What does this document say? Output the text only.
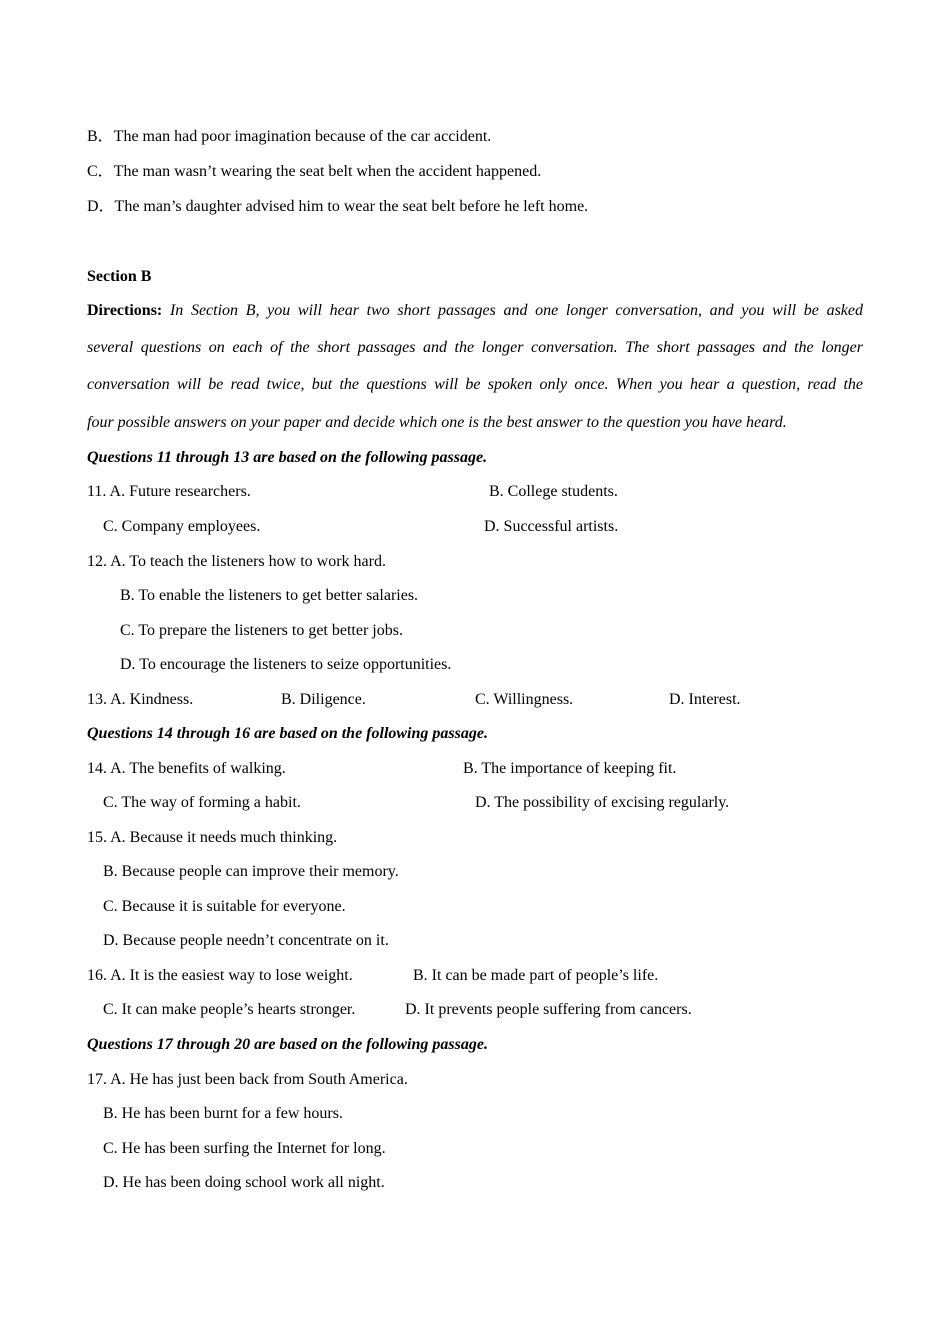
B．The man had poor imagination because of the car accident.
C．The man wasn’t wearing the seat belt when the accident happened.
D．The man’s daughter advised him to wear the seat belt before he left home.
Section B
Directions: In Section B, you will hear two short passages and one longer conversation, and you will be asked
several questions on each of the short passages and the longer conversation. The short passages and the longer
conversation will be read twice, but the questions will be spoken only once. When you hear a question, read the
four possible answers on your paper and decide which one is the best answer to the question you have heard.
Questions 11 through 13 are based on the following passage.
11. A. Future researchers.	B. College students.
C. Company employees.	D. Successful artists.
12. A. To teach the listeners how to work hard.
B. To enable the listeners to get better salaries.
C. To prepare the listeners to get better jobs.
D. To encourage the listeners to seize opportunities.
13. A. Kindness.	B. Diligence.	C. Willingness.	D. Interest.
Questions 14 through 16 are based on the following passage.
14. A. The benefits of walking.	B. The importance of keeping fit.
C. The way of forming a habit.	D. The possibility of excising regularly.
15. A. Because it needs much thinking.
B. Because people can improve their memory.
C. Because it is suitable for everyone.
D. Because people needn’t concentrate on it.
16. A. It is the easiest way to lose weight.	B. It can be made part of people’s life.
C. It can make people’s hearts stronger.	D. It prevents people suffering from cancers.
Questions 17 through 20 are based on the following passage.
17. A. He has just been back from South America.
B. He has been burnt for a few hours.
C. He has been surfing the Internet for long.
D. He has been doing school work all night.
